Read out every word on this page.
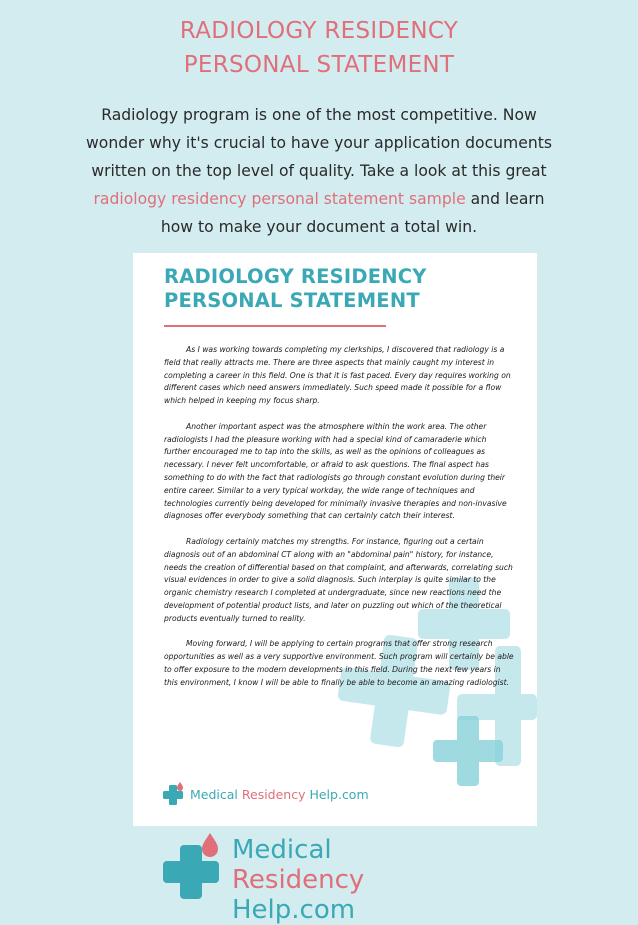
RADIOLOGY RESIDENCY
PERSONAL STATEMENT
Radiology program is one of the most competitive. Now
wonder why it's crucial to have your application documents
written on the top level of quality. Take a look at this great
radiology residency personal statement sample and learn
how to make your document a total win.
RADIOLOGY RESIDENCY
PERSONAL STATEMENT

As I was working towards completing my clerkships, I discovered that radiology is a field that really attracts me. There are three aspects that mainly caught my interest in completing a career in this field. One is that it is fast paced. Every day requires working on different cases which need answers immediately. Such speed made it possible for a flow which helped in keeping my focus sharp.

Another important aspect was the atmosphere within the work area. The other radiologists I had the pleasure working with had a special kind of camaraderie which further encouraged me to tap into the skills, as well as the opinions of colleagues as necessary. I never felt uncomfortable, or afraid to ask questions. The final aspect has something to do with the fact that radiologists go through constant evolution during their entire career. Similar to a very typical workday, the wide range of techniques and technologies currently being developed for minimally invasive therapies and non-invasive diagnoses offer everybody something that can certainly catch their interest.

Radiology certainly matches my strengths. For instance, figuring out a certain diagnosis out of an abdominal CT along with an "abdominal pain" history, for instance, needs the creation of differential based on that complaint, and afterwards, correlating such visual evidences in order to give a solid diagnosis. Such interplay is quite similar to the organic chemistry research I completed at undergraduate, since new reactions need the development of potential product lists, and later on puzzling out which of the theoretical products eventually turned to reality.

Moving forward, I will be applying to certain programs that offer strong research opportunities as well as a very supportive environment. Such program will certainly be able to offer exposure to the modern developments in this field. During the next few years in this environment, I know I will be able to finally be able to become an amazing radiologist.

Medical Residency Help.com
Medical
Residency
Help.com
